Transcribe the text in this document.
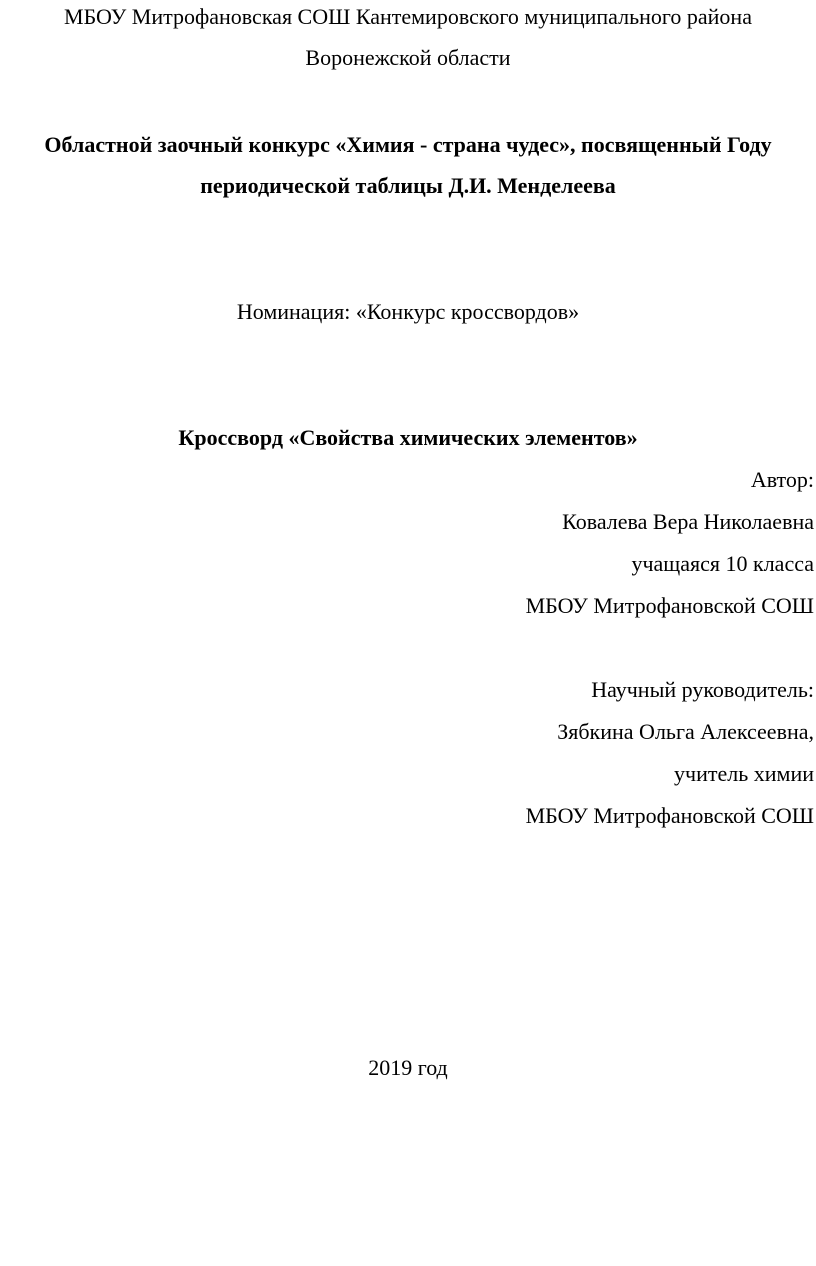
МБОУ Митрофановская СОШ Кантемировского муниципального района
Воронежской области
Областной заочный конкурс «Химия - страна чудес», посвященный Году
периодической таблицы Д.И. Менделеева
Номинация: «Конкурс кроссвордов»
Кроссворд «Свойства химических элементов»
Автор:
Ковалева Вера Николаевна
учащаяся 10 класса
МБОУ Митрофановской СОШ
Научный руководитель:
Зябкина Ольга Алексеевна,
учитель химии
МБОУ Митрофановской СОШ
2019 год
